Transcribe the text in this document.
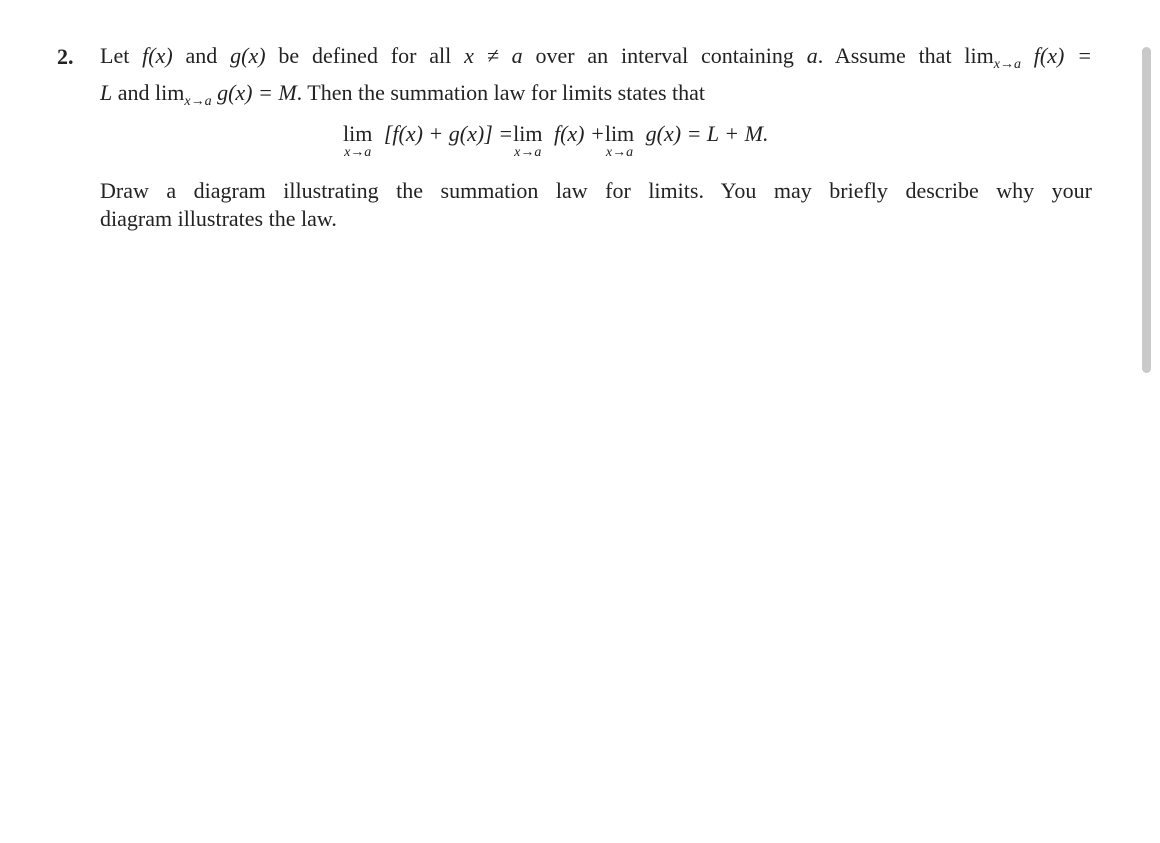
2. Let f(x) and g(x) be defined for all x ≠ a over an interval containing a. Assume that $\lim_{x\to a} f(x)$ =
L and $\lim_{x\to a} g(x) = M$. Then the summation law for limits states that
lim
x→a
[f(x) + g(x)] = lim
x→a
f(x) + lim
x→a
g(x) = L + M.
Draw a diagram illustrating the summation law for limits. You may briefly describe why your
diagram illustrates the law.
